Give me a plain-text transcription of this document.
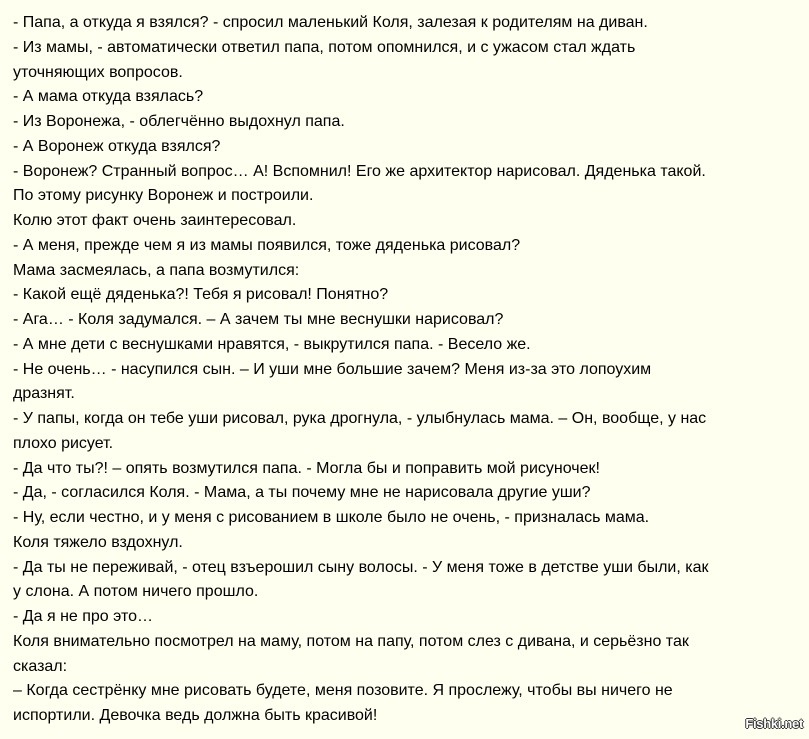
- Папа, а откуда я взялся? - спросил маленький Коля, залезая к родителям на диван.
- Из мамы, - автоматически ответил папа, потом опомнился, и с ужасом стал ждать
уточняющих вопросов.
- А мама откуда взялась?
- Из Воронежа, - облегчённо выдохнул папа.
- А Воронеж откуда взялся?
- Воронеж? Странный вопрос… А! Вспомнил! Его же архитектор нарисовал. Дяденька такой.
По этому рисунку Воронеж и построили.
Колю этот факт очень заинтересовал.
- А меня, прежде чем я из мамы появился, тоже дяденька рисовал?
Мама засмеялась, а папа возмутился:
- Какой ещё дяденька?! Тебя я рисовал! Понятно?
- Ага… - Коля задумался. – А зачем ты мне веснушки нарисовал?
- А мне дети с веснушками нравятся, - выкрутился папа. - Весело же.
- Не очень… - насупился сын. – И уши мне большие зачем? Меня из-за это лопоухим
дразнят.
- У папы, когда он тебе уши рисовал, рука дрогнула, - улыбнулась мама. – Он, вообще, у нас
плохо рисует.
- Да что ты?! – опять возмутился папа. - Могла бы и поправить мой рисуночек!
- Да, - согласился Коля. - Мама, а ты почему мне не нарисовала другие уши?
- Ну, если честно, и у меня с рисованием в школе было не очень, - призналась мама.
Коля тяжело вздохнул.
- Да ты не переживай, - отец взъерошил сыну волосы. - У меня тоже в детстве уши были, как
у слона. А потом ничего прошло.
- Да я не про это…
Коля внимательно посмотрел на маму, потом на папу, потом слез с дивана, и серьёзно так
сказал:
– Когда сестрёнку мне рисовать будете, меня позовите. Я прослежу, чтобы вы ничего не
испортили. Девочка ведь должна быть красивой!	Fishki.net
